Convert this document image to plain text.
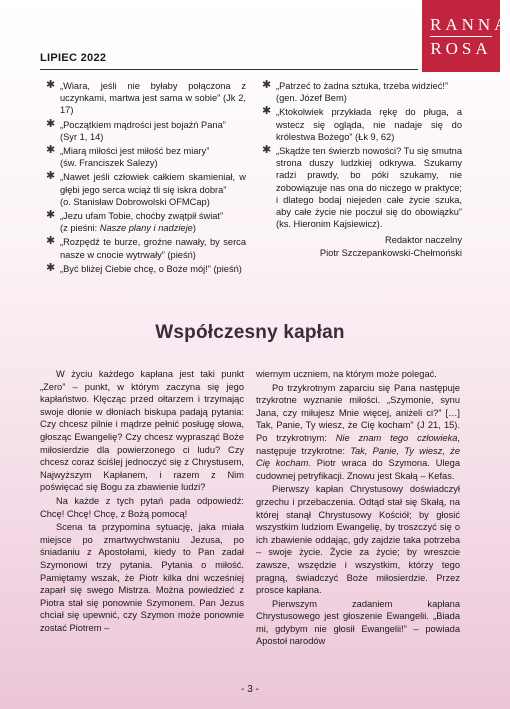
RANNA
ROSA
LIPIEC 2022
✱ „Wiara, jeśli nie byłaby połączona z uczynkami, martwa jest sama w sobie” (Jk 2, 17)
✱ „Początkiem mądrości jest bojaźń Pana”
(Syr 1, 14)
✱ „Miarą miłości jest miłość bez miary”
(św. Franciszek Salezy)
✱ „Nawet jeśli człowiek całkiem skamieniał, w głębi jego serca wciąż tli się iskra dobra”
(o. Stanisław Dobrowolski OFMCap)
✱ „Jezu ufam Tobie, choćby zwątpił świat”
(z pieśni: Nasze plany i nadzieje)
✱ „Rozpędź te burze, groźne nawały, by serca nasze w cnocie wytrwały” (pieśń)
✱ „Być bliżej Ciebie chcę, o Boże mój!” (pieśń)
✱ „Patrzeć to żadna sztuka, trzeba widzieć!”
(gen. Józef Bem)
✱ „Ktokolwiek przykłada rękę do pługa, a wstecz się ogląda, nie nadaje się do królestwa Bożego” (Łk 9, 62)
✱ „Skądże ten świerzb nowości? Tu się smutna strona duszy ludzkiej odkrywa. Szukamy radzi prawdy, bo póki szukamy, nie zobowiązuje nas ona do niczego w praktyce; i dlatego bodaj niejeden całe życie szuka, aby całe życie nie poczuł się do obowiązku” (ks. Hieronim Kajsiewicz).
Redaktor naczelny
Piotr Szczepankowski-Chełmoński
Współczesny kapłan

W życiu każdego kapłana jest taki punkt „Zero” – punkt, w którym zaczyna się jego kapłaństwo. Klęcząc przed ołtarzem i trzymając swoje dłonie w dłoniach biskupa padają pytania: Czy chcesz pilnie i mądrze pełnić posługę słowa, głosząc Ewangelię? Czy chcesz wyprasząć Boże miłosierdzie dla powierzonego ci ludu? Czy chcesz coraz ściślej jednoczyć się z Chrystusem, Najwyższym Kapłanem, i razem z Nim poświęcać się Bogu za zbawienie ludzi?

Na każde z tych pytań pada odpowiedź: Chcę! Chcę! Chcę, z Bożą pomocą!

Scena ta przypomina sytuację, jaka miała miejsce po zmartwychwstaniu Jezusa, po śniadaniu z Apostołami, kiedy to Pan zadał Szymonowi trzy pytania. Pytania o miłość. Pamiętamy wszak, że Piotr kilka dni wcześniej zaparł się swego Mistrza. Można powiedzieć z Piotra stał się ponownie Szymonem. Pan Jezus chciał się upewnić, czy Szymon może ponownie zostać Piotrem –

wiernym uczniem, na którym może polegać.

Po trzykrotnym zaparciu się Pana następuje trzykrotne wyznanie miłości. „Szymonie, synu Jana, czy miłujesz Mnie więcej, aniżeli ci?” […] Tak, Panie, Ty wiesz, że Cię kocham” (J 21, 15). Po trzykrotnym: Nie znam tego człowieka, następuje trzykrotne: Tak, Panie, Ty wiesz, że Cię kocham. Piotr wraca do Szymona. Ulega cudownej petryfikacji. Znowu jest Skałą – Kefas.

Pierwszy kapłan Chrystusowy doświadczył grzechu i przebaczenia. Odtąd stał się Skałą, na której stanął Chrystusowy Kościół; by głosić wszystkim ludziom Ewangelię, by troszczyć się o ich zbawienie oddając, gdy zajdzie taka potrzeba – swoje życie. Życie za życie; by wreszcie zawsze, wszędzie i wszystkim, którzy tego pragną, świadczyć Boże miłosierdzie. Przez prosce kapłana.

Pierwszym zadaniem kapłana Chrystusowego jest głoszenie Ewangelii. „Biada mi, gdybym nie głosił Ewangelii!” – powiada Apostoł narodów

- 3 -
